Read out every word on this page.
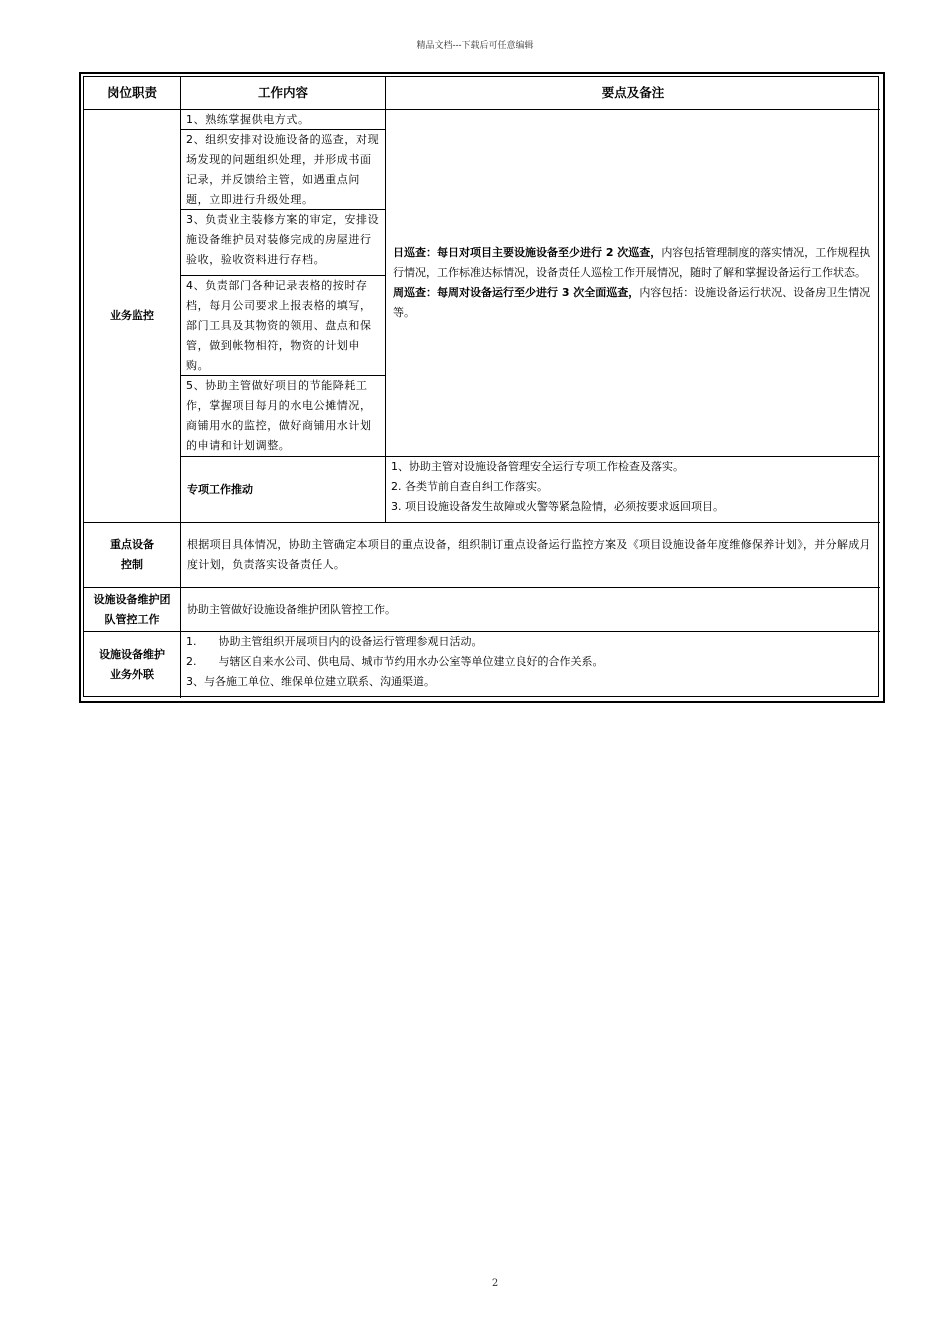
精品文档---下载后可任意编辑
岗位职责	工作内容	要点及备注
业务监控
1、熟练掌握供电方式。
2、组织安排对设施设备的巡查，对现场发现的问题组织处理，并形成书面记录，并反馈给主管，如遇重点问题，立即进行升级处理。
3、负责业主装修方案的审定，安排设施设备维护员对装修完成的房屋进行验收，验收资料进行存档。
4、负责部门各种记录表格的按时存档，每月公司要求上报表格的填写，部门工具及其物资的领用、盘点和保管，做到帐物相符，物资的计划申购。
5、协助主管做好项目的节能降耗工作，掌握项目每月的水电公摊情况，商铺用水的监控，做好商铺用水计划的申请和计划调整。

日巡查：每日对项目主要设施设备至少进行 2 次巡查，内容包括管理制度的落实情况，工作规程执行情况，工作标准达标情况，设备责任人巡检工作开展情况，随时了解和掌握设备运行工作状态。

周巡查：每周对设备运行至少进行 3 次全面巡查，内容包括：设施设备运行状况、设备房卫生情况等。

专项工作推动
1、协助主管对设施设备管理安全运行专项工作检查及落实。
2. 各类节前自查自纠工作落实。
3. 项目设施设备发生故障或火警等紧急险情，必须按要求返回项目。
重点设备
控制
根据项目具体情况，协助主管确定本项目的重点设备，组织制订重点设备运行监控方案及《项目设施设备年度维修保养计划》，并分解成月度计划，负责落实设备责任人。
设施设备维护团
队管控工作
协助主管做好设施设备维护团队管控工作。
设施设备维护
业务外联
1.　　协助主管组织开展项目内的设备运行管理参观日活动。
2.　　与辖区自来水公司、供电局、城市节约用水办公室等单位建立良好的合作关系。
3、与各施工单位、维保单位建立联系、沟通渠道。
2
